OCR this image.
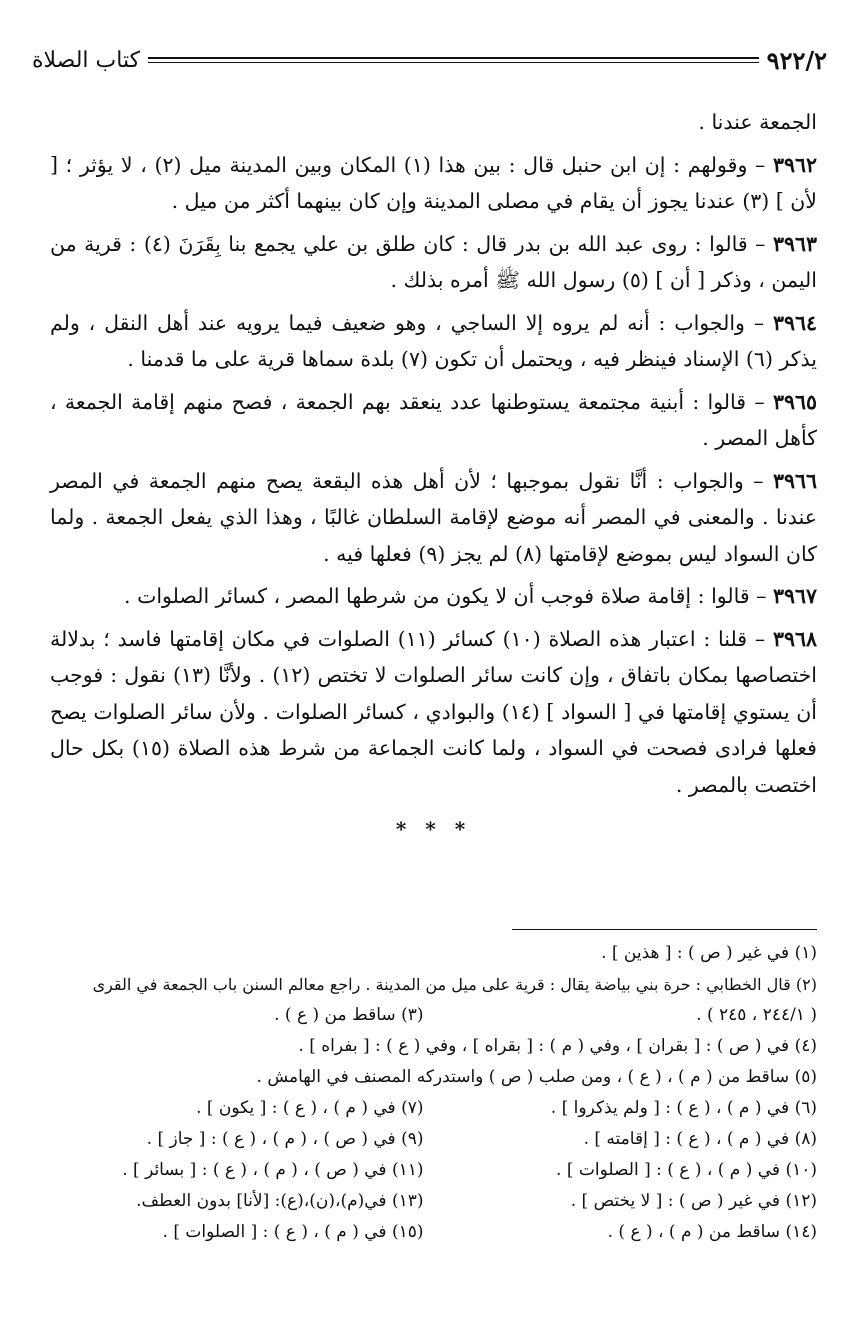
٩٢٢/٢
كتاب الصلاة

الجمعة عندنا .

٣٩٦٢ – وقولهم : إن ابن حنبل قال : بين هذا (١) المكان وبين المدينة ميل (٢) ، لا يؤثر ؛ [ لأن ] (٣) عندنا يجوز أن يقام في مصلى المدينة وإن كان بينهما أكثر من ميل .

٣٩٦٣ – قالوا : روى عبد الله بن بدر قال : كان طلق بن علي يجمع بنا بِقَرَنَ (٤) : قرية من اليمن ، وذكر [ أن ] (٥) رسول الله ﷺ أمره بذلك .

٣٩٦٤ – والجواب : أنه لم يروه إلا الساجي ، وهو ضعيف فيما يرويه عند أهل النقل ، ولم يذكر (٦) الإسناد فينظر فيه ، ويحتمل أن تكون (٧) بلدة سماها قرية على ما قدمنا .

٣٩٦٥ – قالوا : أبنية مجتمعة يستوطنها عدد ينعقد بهم الجمعة ، فصح منهم إقامة الجمعة ، كأهل المصر .

٣٩٦٦ – والجواب : أنَّا نقول بموجبها ؛ لأن أهل هذه البقعة يصح منهم الجمعة في المصر عندنا . والمعنى في المصر أنه موضع لإقامة السلطان غالبًا ، وهذا الذي يفعل الجمعة . ولما كان السواد ليس بموضع لإقامتها (٨) لم يجز (٩) فعلها فيه .

٣٩٦٧ – قالوا : إقامة صلاة فوجب أن لا يكون من شرطها المصر ، كسائر الصلوات .

٣٩٦٨ – قلنا : اعتبار هذه الصلاة (١٠) كسائر (١١) الصلوات في مكان إقامتها فاسد ؛ بدلالة اختصاصها بمكان باتفاق ، وإن كانت سائر الصلوات لا تختص (١٢) . ولأنَّا (١٣) نقول : فوجب أن يستوي إقامتها في [ السواد ] (١٤) والبوادي ، كسائر الصلوات . ولأن سائر الصلوات يصح فعلها فرادى فصحت في السواد ، ولما كانت الجماعة من شرط هذه الصلاة (١٥) بكل حال اختصت بالمصر .

* * *
(١) في غير ( ص ) : [ هذين ] .
(٢) قال الخطابي : حرة بني بياضة يقال : قرية على ميل من المدينة . راجع معالم السنن باب الجمعة في القرى
( ٢٤٤/١ ، ٢٤٥ ) .
(٣) ساقط من ( ع ) .
(٤) في ( ص ) : [ بقران ] ، وفي ( م ) : [ بقراه ] ، وفي ( ع ) : [ بفراه ] .
(٥) ساقط من ( م ) ، ( ع ) ، ومن صلب ( ص ) واستدركه المصنف في الهامش .
(٦) في ( م ) ، ( ع ) : [ ولم يذكروا ] .
(٧) في ( م ) ، ( ع ) : [ يكون ] .
(٨) في ( م ) ، ( ع ) : [ إقامته ] .
(٩) في ( ص ) ، ( م ) ، ( ع ) : [ جاز ] .
(١٠) في ( م ) ، ( ع ) : [ الصلوات ] .
(١١) في ( ص ) ، ( م ) ، ( ع ) : [ بسائر ] .
(١٢) في غير ( ص ) : [ لا يختص ] .
(١٣) في(م)،(ن)،(ع): [لأنا] بدون العطف.
(١٤) ساقط من ( م ) ، ( ع ) .
(١٥) في ( م ) ، ( ع ) : [ الصلوات ] .
